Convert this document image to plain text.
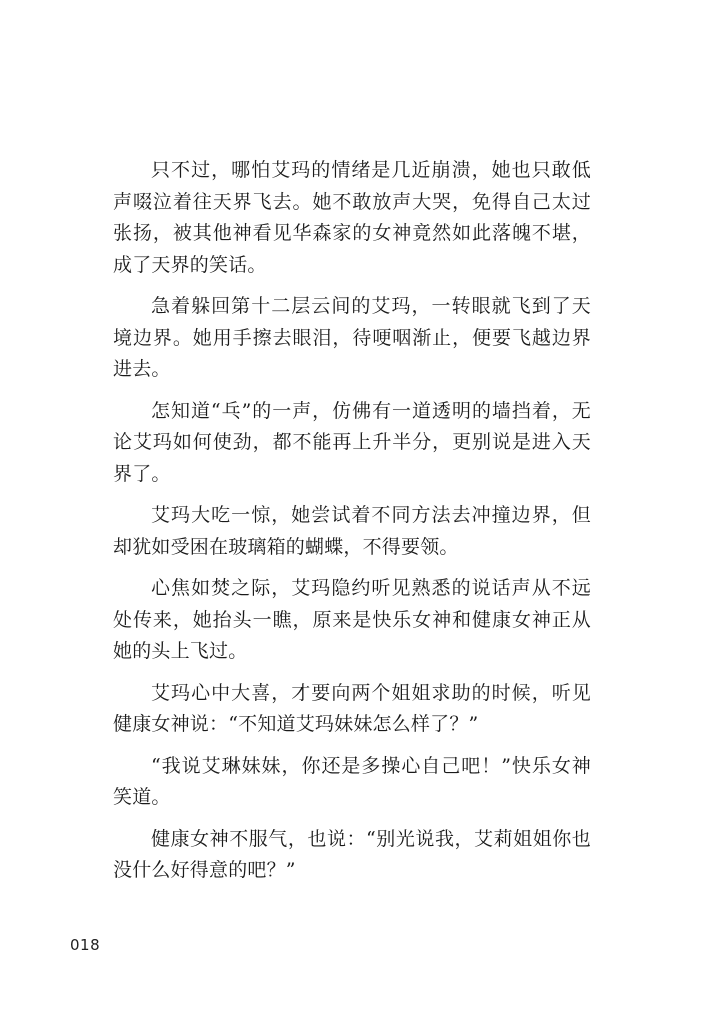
只不过，哪怕艾玛的情绪是几近崩溃，她也只敢低声啜泣着往天界飞去。她不敢放声大哭，免得自己太过张扬，被其他神看见华森家的女神竟然如此落魄不堪，成了天界的笑话。

急着躲回第十二层云间的艾玛，一转眼就飞到了天境边界。她用手擦去眼泪，待哽咽渐止，便要飞越边界进去。

怎知道“乓”的一声，仿佛有一道透明的墙挡着，无论艾玛如何使劲，都不能再上升半分，更别说是进入天界了。

艾玛大吃一惊，她尝试着不同方法去冲撞边界，但却犹如受困在玻璃箱的蝴蝶，不得要领。

心焦如焚之际，艾玛隐约听见熟悉的说话声从不远处传来，她抬头一瞧，原来是快乐女神和健康女神正从她的头上飞过。

艾玛心中大喜，才要向两个姐姐求助的时候，听见健康女神说：“不知道艾玛妹妹怎么样了？”

“我说艾琳妹妹，你还是多操心自己吧！”快乐女神笑道。

健康女神不服气，也说：“别光说我，艾莉姐姐你也没什么好得意的吧？”

018
